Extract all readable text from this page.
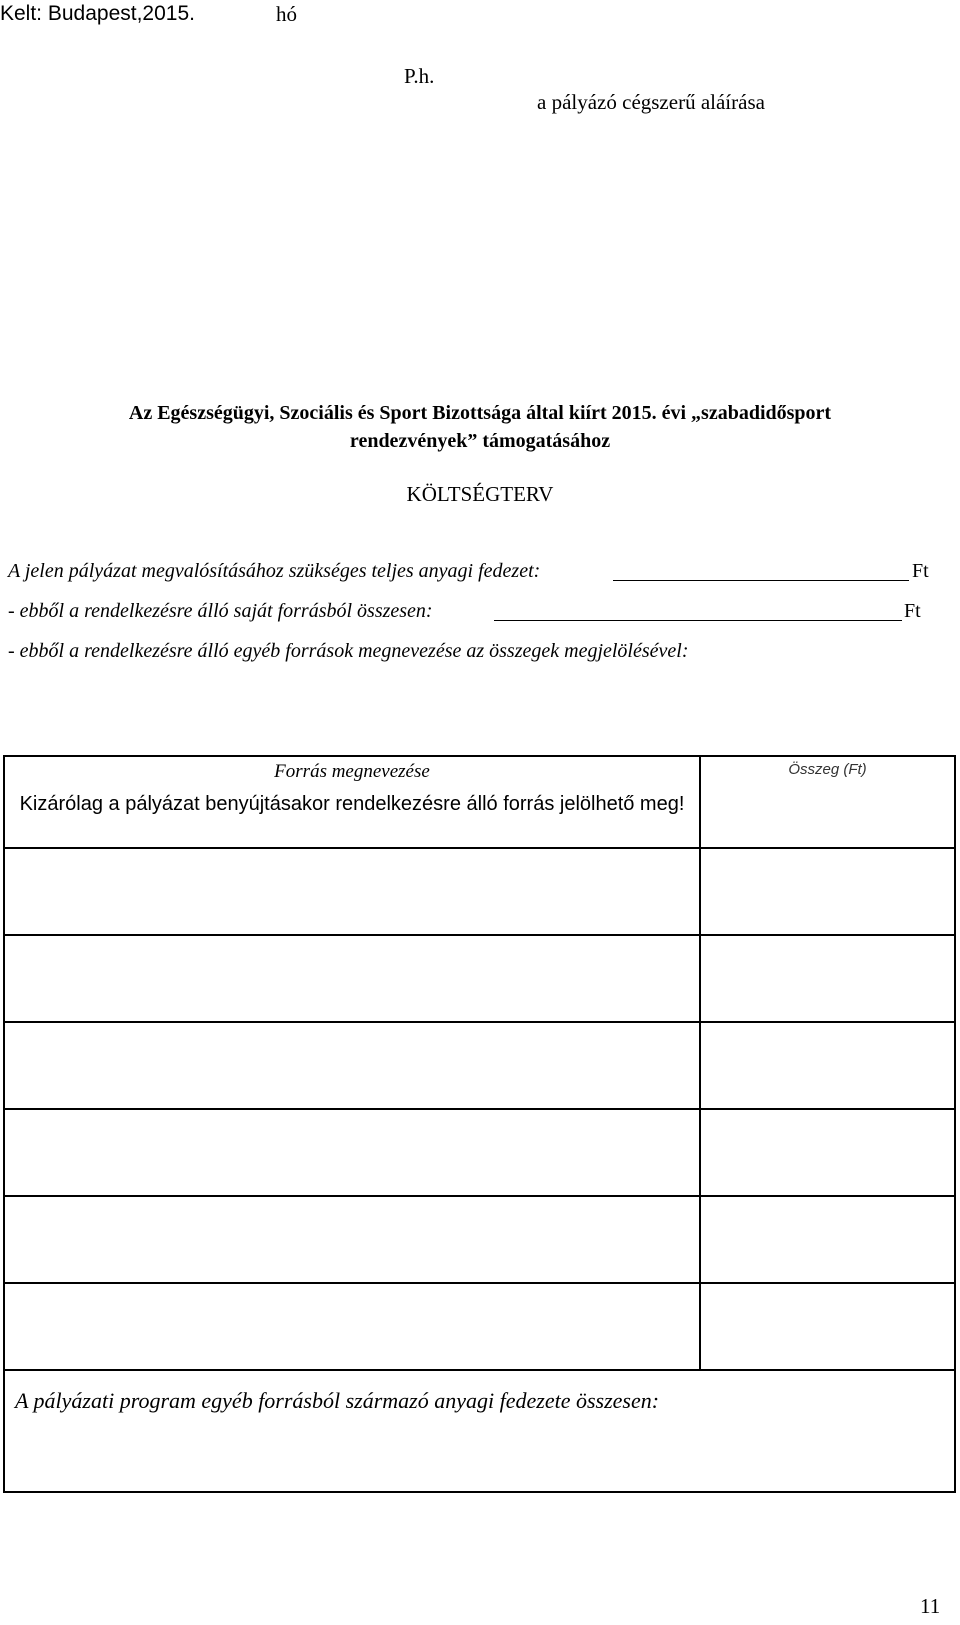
Kelt: Budapest,2015.	hó
P.h.
a pályázó cégszerű aláírása
Az Egészségügyi, Szociális és Sport Bizottsága által kiírt 2015. évi „szabadidősport
rendezvények” támogatásához
KÖLTSÉGTERV
A jelen pályázat megvalósításához szükséges teljes anyagi fedezet:	Ft
- ebből a rendelkezésre álló saját forrásból összesen:	Ft
- ebből a rendelkezésre álló egyéb források megnevezése az összegek megjelölésével:
Forrás megnevezése
Kizárólag a pályázat benyújtásakor rendelkezésre álló forrás jelölhető meg!	Összeg (Ft)

A pályázati program egyéb forrásból származó anyagi fedezete összesen:	
11
